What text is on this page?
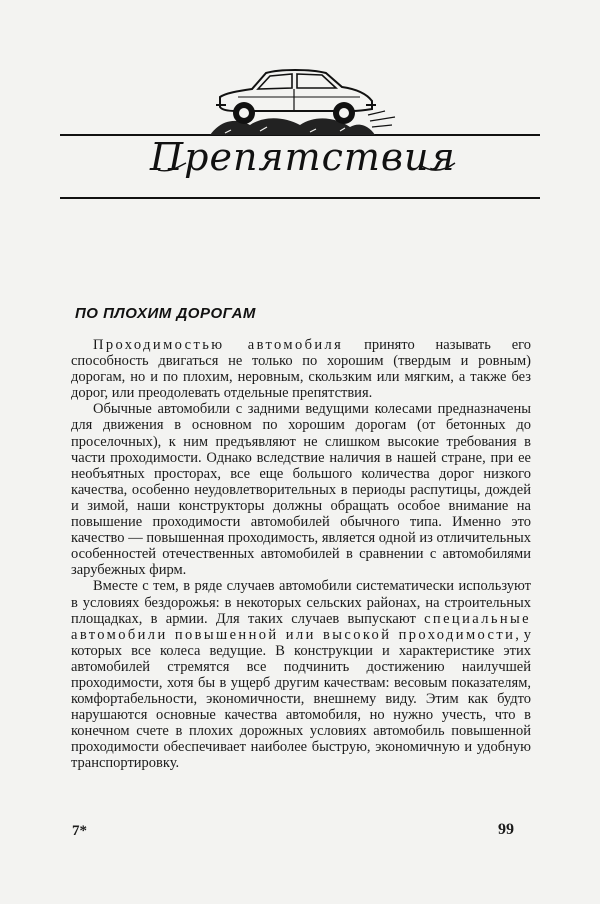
Препятствия
ПО ПЛОХИМ ДОРОГАМ

Проходимостью автомобиля принято называть его способность двигаться не только по хорошим (твердым и ровным) дорогам, но и по плохим, неровным, скользким или мягким, а также без дорог, или преодолевать отдельные препятствия.

Обычные автомобили с задними ведущими колесами предназначены для движения в основном по хорошим дорогам (от бетонных до проселочных), к ним предъявляют не слишком высокие требования в части проходимости. Однако вследствие наличия в нашей стране, при ее необъятных просторах, все еще большого количества дорог низкого качества, особенно неудовлетворительных в периоды распутицы, дождей и зимой, наши конструкторы должны обращать особое внимание на повышение проходимости автомобилей обычного типа. Именно это качество — повышенная проходимость, является одной из отличительных особенностей отечественных автомобилей в сравнении с автомобилями зарубежных фирм.

Вместе с тем, в ряде случаев автомобили систематически используют в условиях бездорожья: в некоторых сельских районах, на строительных площадках, в армии. Для таких случаев выпускают специальные автомобили повышенной или высокой проходимости, у которых все колеса ведущие. В конструкции и характеристике этих автомобилей стремятся все подчинить достижению наилучшей проходимости, хотя бы в ущерб другим качествам: весовым показателям, комфортабельности, экономичности, внешнему виду. Этим как будто нарушаются основные качества автомобиля, но нужно учесть, что в конечном счете в плохих дорожных условиях автомобиль повышенной проходимости обеспечивает наиболее быструю, экономичную и удобную транспортировку.

7*	99
